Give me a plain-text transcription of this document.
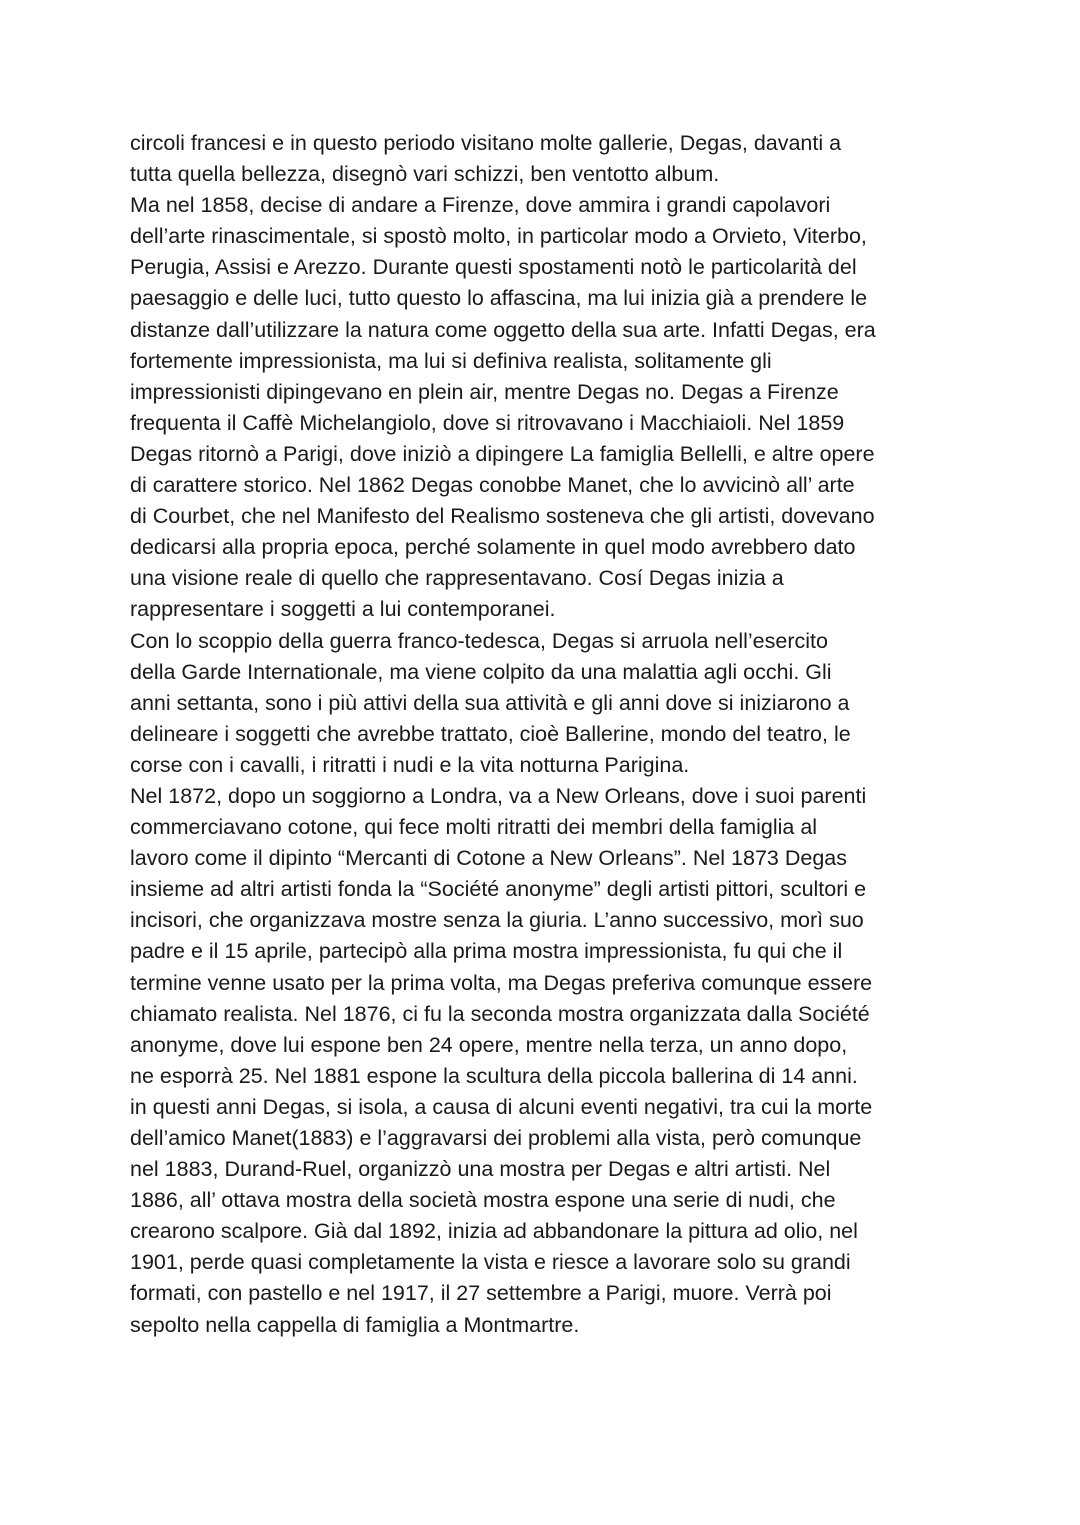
circoli francesi e in questo periodo visitano molte gallerie, Degas, davanti a
tutta quella bellezza, disegnò vari schizzi, ben ventotto album.
Ma nel 1858, decise di andare a Firenze, dove ammira i grandi capolavori
dell’arte rinascimentale, si spostò molto, in particolar modo a Orvieto, Viterbo,
Perugia, Assisi e Arezzo. Durante questi spostamenti notò le particolarità del
paesaggio e delle luci, tutto questo lo affascina, ma lui inizia già a prendere le
distanze dall’utilizzare la natura come oggetto della sua arte. Infatti Degas, era
fortemente impressionista, ma lui si definiva realista, solitamente gli
impressionisti dipingevano en plein air, mentre Degas no. Degas a Firenze
frequenta il Caffè Michelangiolo, dove si ritrovavano i Macchiaioli. Nel 1859
Degas ritornò a Parigi, dove iniziò a dipingere La famiglia Bellelli, e altre opere
di carattere storico. Nel 1862 Degas conobbe Manet, che lo avvicinò all’ arte
di Courbet, che nel Manifesto del Realismo sosteneva che gli artisti, dovevano
dedicarsi alla propria epoca, perché solamente in quel modo avrebbero dato
una visione reale di quello che rappresentavano. Cosí Degas inizia a
rappresentare i soggetti a lui contemporanei.
Con lo scoppio della guerra franco-tedesca, Degas si arruola nell’esercito
della Garde Internationale, ma viene colpito da una malattia agli occhi. Gli
anni settanta, sono i più attivi della sua attività e gli anni dove si iniziarono a
delineare i soggetti che avrebbe trattato, cioè Ballerine, mondo del teatro, le
corse con i cavalli, i ritratti i nudi e la vita notturna Parigina.
Nel 1872, dopo un soggiorno a Londra, va a New Orleans, dove i suoi parenti
commerciavano cotone, qui fece molti ritratti dei membri della famiglia al
lavoro come il dipinto “Mercanti di Cotone a New Orleans”. Nel 1873 Degas
insieme ad altri artisti fonda la “Société anonyme” degli artisti pittori, scultori e
incisori, che organizzava mostre senza la giuria. L’anno successivo, morì suo
padre e il 15 aprile, partecipò alla prima mostra impressionista, fu qui che il
termine venne usato per la prima volta, ma Degas preferiva comunque essere
chiamato realista. Nel 1876, ci fu la seconda mostra organizzata dalla Société
anonyme, dove lui espone ben 24 opere, mentre nella terza, un anno dopo,
ne esporrà 25. Nel 1881 espone la scultura della piccola ballerina di 14 anni.
in questi anni Degas, si isola, a causa di alcuni eventi negativi, tra cui la morte
dell’amico Manet(1883) e l’aggravarsi dei problemi alla vista, però comunque
nel 1883, Durand-Ruel, organizzò una mostra per Degas e altri artisti. Nel
1886, all’ ottava mostra della società mostra espone una serie di nudi, che
crearono scalpore. Già dal 1892, inizia ad abbandonare la pittura ad olio, nel
1901, perde quasi completamente la vista e riesce a lavorare solo su grandi
formati, con pastello e nel 1917, il 27 settembre a Parigi, muore. Verrà poi
sepolto nella cappella di famiglia a Montmartre.
